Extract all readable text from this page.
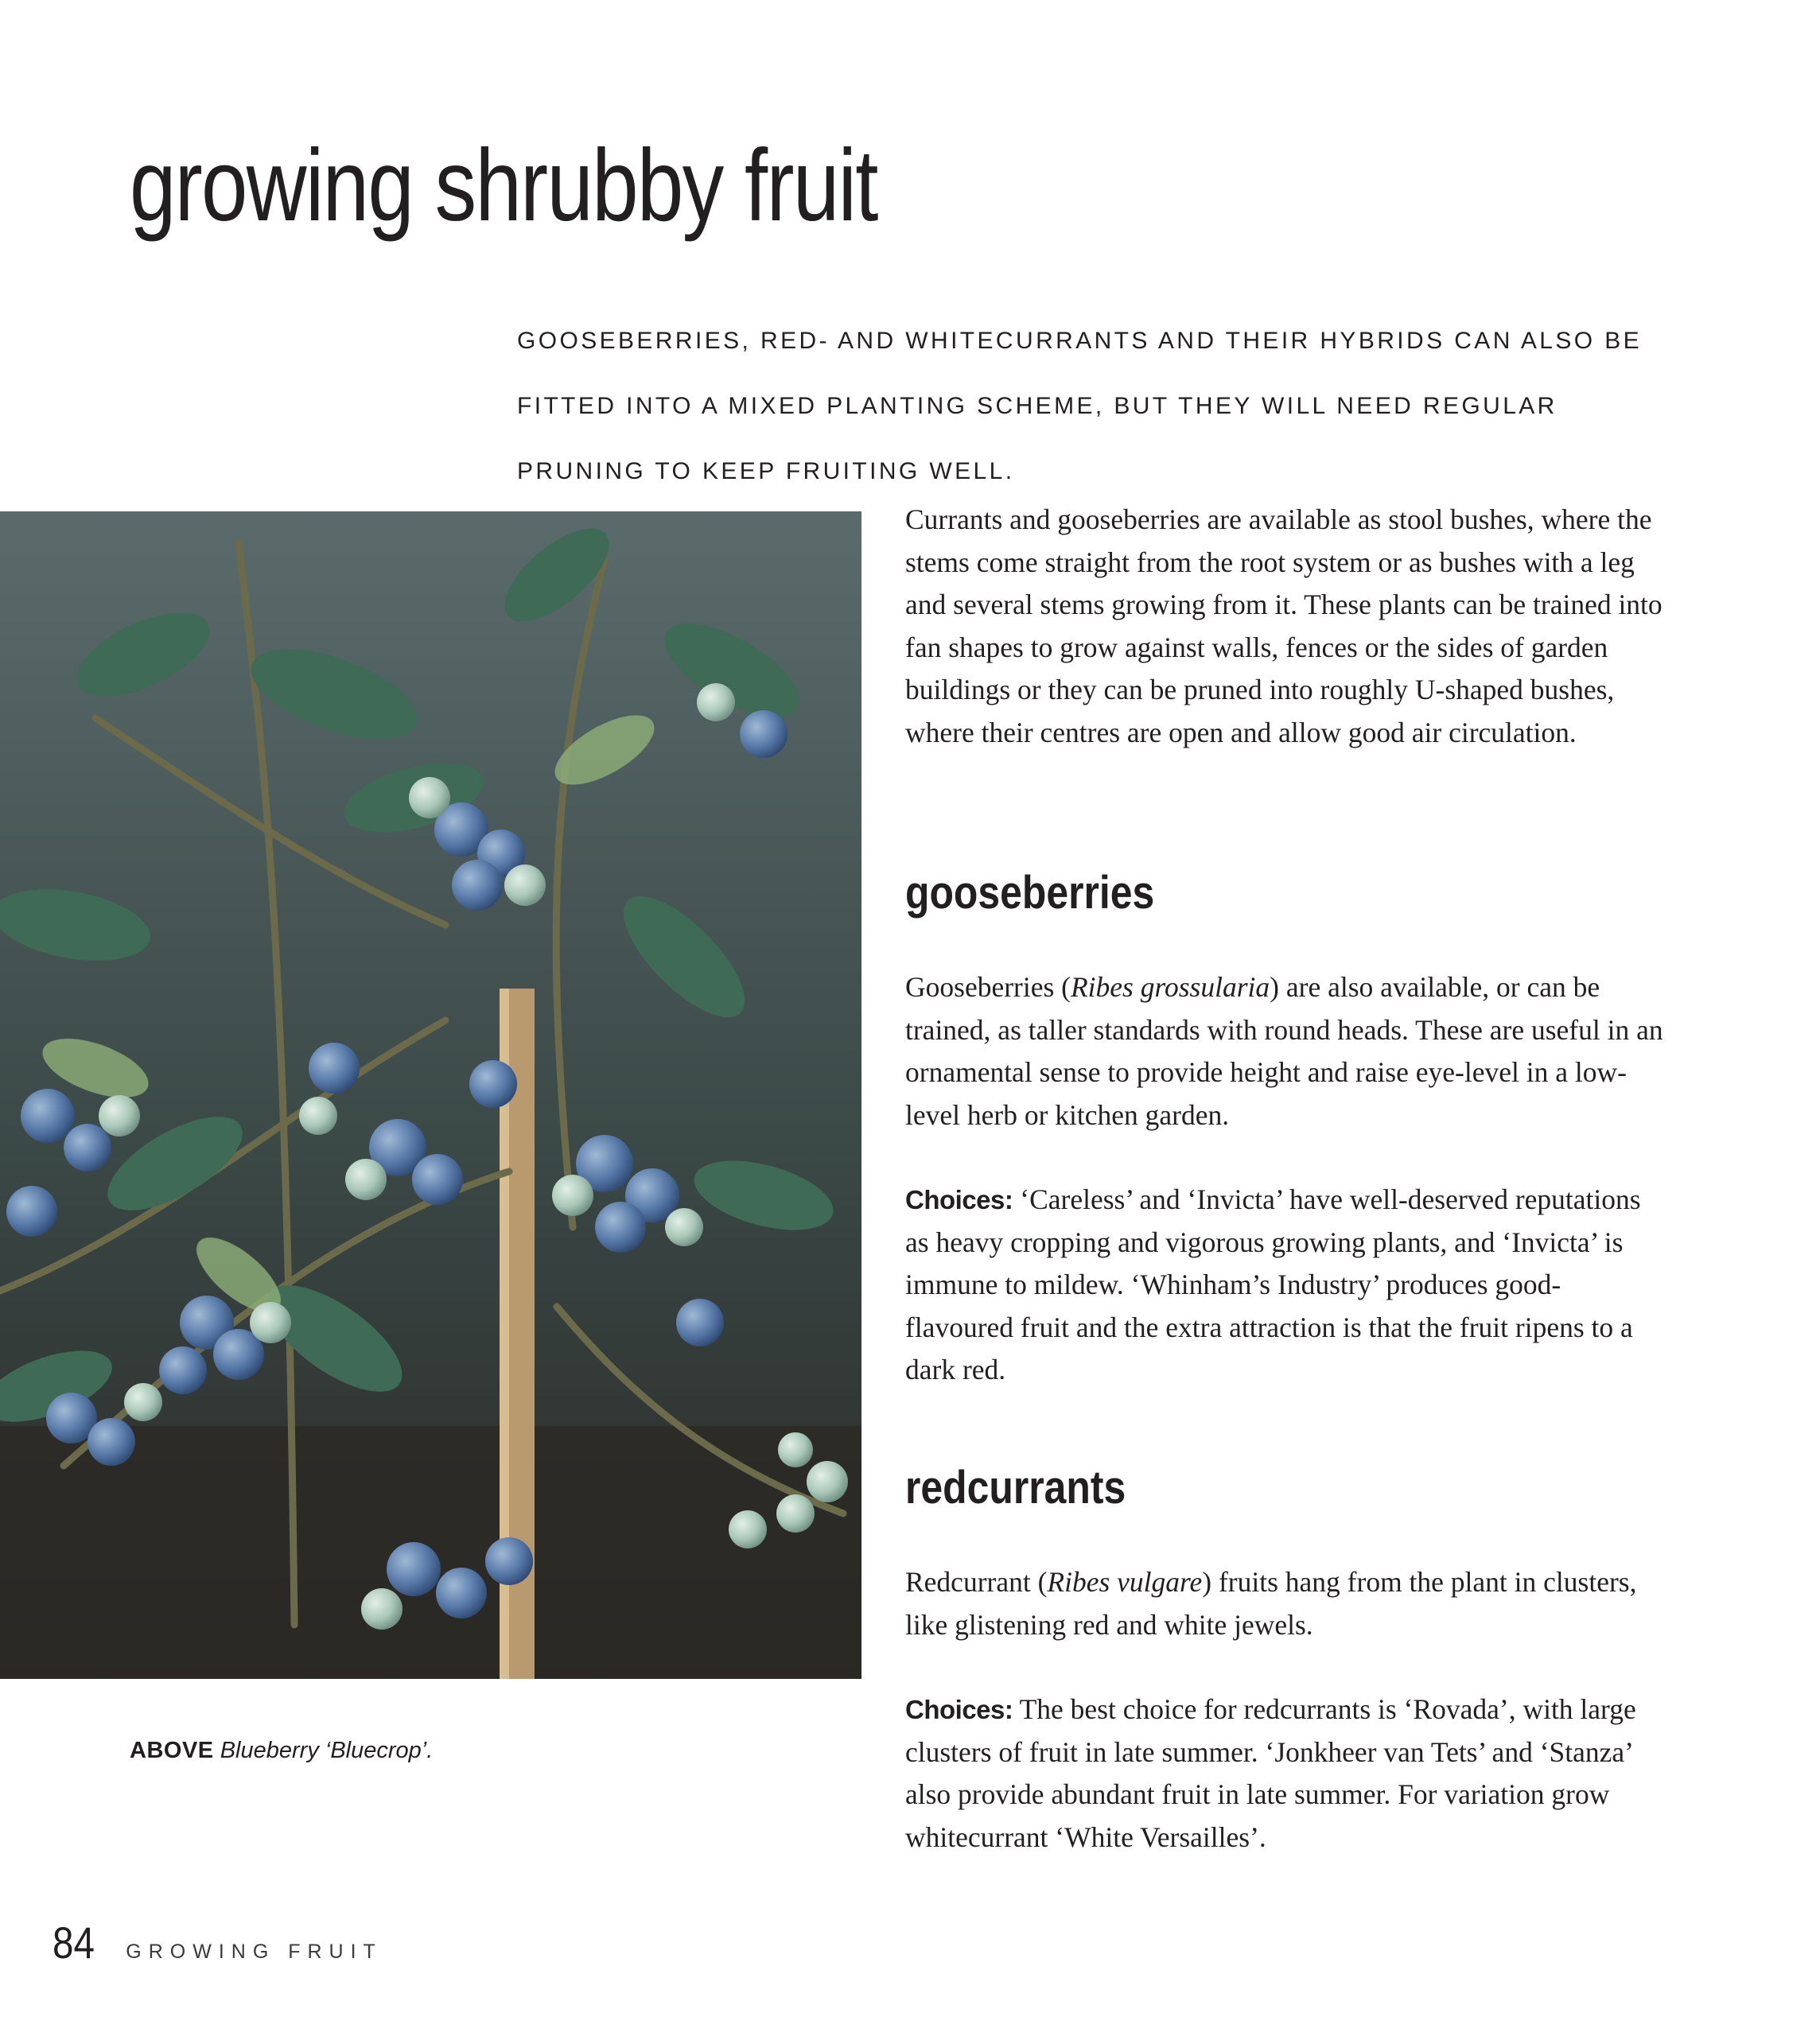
growing shrubby fruit

GOOSEBERRIES, RED- AND WHITECURRANTS AND THEIR HYBRIDS CAN ALSO BE FITTED INTO A MIXED PLANTING SCHEME, BUT THEY WILL NEED REGULAR PRUNING TO KEEP FRUITING WELL.

ABOVE Blueberry ‘Bluecrop’.

Currants and gooseberries are available as stool bushes, where the stems come straight from the root system or as bushes with a leg and several stems growing from it. These plants can be trained into fan shapes to grow against walls, fences or the sides of garden buildings or they can be pruned into roughly U-shaped bushes, where their centres are open and allow good air circulation.

gooseberries

Gooseberries (Ribes grossularia) are also available, or can be trained, as taller standards with round heads. These are useful in an ornamental sense to provide height and raise eye-level in a low-level herb or kitchen garden.

Choices: ‘Careless’ and ‘Invicta’ have well-deserved reputations as heavy cropping and vigorous growing plants, and ‘Invicta’ is immune to mildew. ‘Whinham’s Industry’ produces good-flavoured fruit and the extra attraction is that the fruit ripens to a dark red.

redcurrants

Redcurrant (Ribes vulgare) fruits hang from the plant in clusters, like glistening red and white jewels.

Choices: The best choice for redcurrants is ‘Rovada’, with large clusters of fruit in late summer. ‘Jonkheer van Tets’ and ‘Stanza’ also provide abundant fruit in late summer. For variation grow whitecurrant ‘White Versailles’.

84 GROWING FRUIT
